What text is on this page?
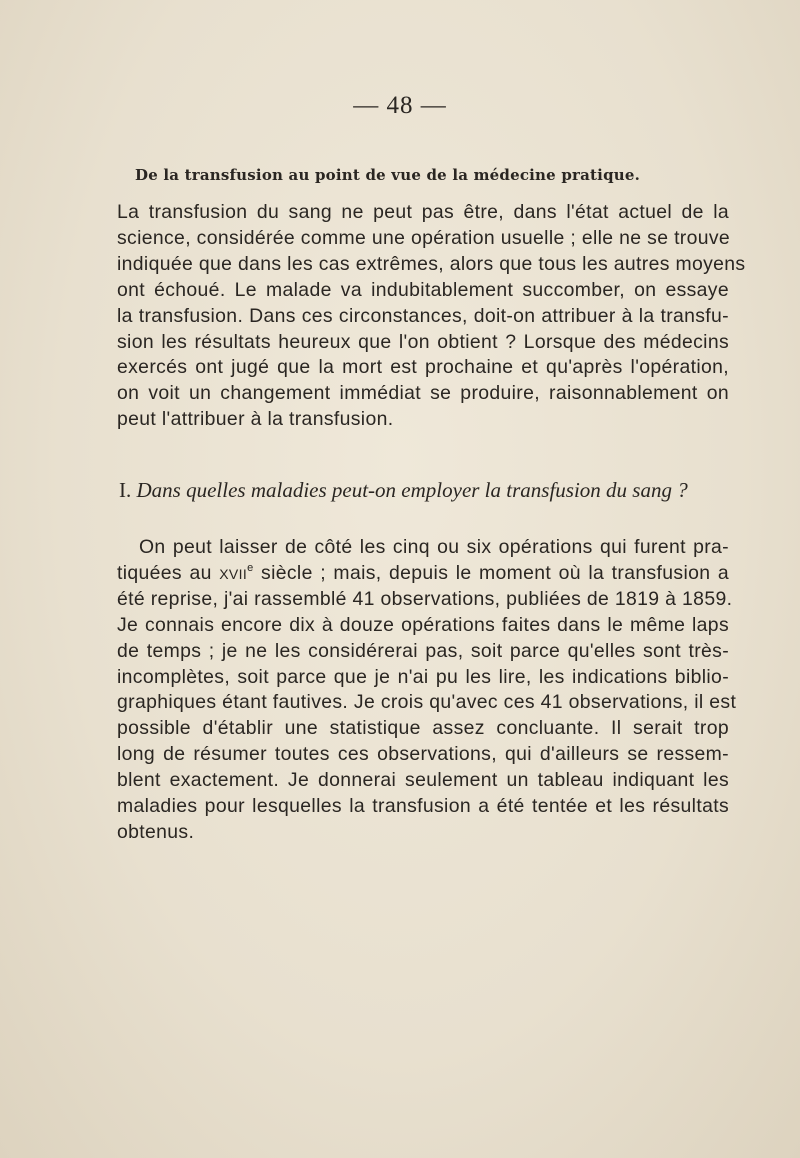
— 48 —
De la transfusion au point de vue de la médecine pratique.
La transfusion du sang ne peut pas être, dans l'état actuel de la
science, considérée comme une opération usuelle ; elle ne se trouve
indiquée que dans les cas extrêmes, alors que tous les autres moyens
ont échoué. Le malade va indubitablement succomber, on essaye
la transfusion. Dans ces circonstances, doit-on attribuer à la transfu-
sion les résultats heureux que l'on obtient ? Lorsque des médecins
exercés ont jugé que la mort est prochaine et qu'après l'opération,
on voit un changement immédiat se produire, raisonnablement on
peut l'attribuer à la transfusion.
I. Dans quelles maladies peut-on employer la transfusion du sang ?
On peut laisser de côté les cinq ou six opérations qui furent pra-
tiquées au xvii$^e$ siècle ; mais, depuis le moment où la transfusion a
été reprise, j'ai rassemblé 41 observations, publiées de 1819 à 1859.
Je connais encore dix à douze opérations faites dans le même laps
de temps ; je ne les considérerai pas, soit parce qu'elles sont très-
incomplètes, soit parce que je n'ai pu les lire, les indications biblio-
graphiques étant fautives. Je crois qu'avec ces 41 observations, il est
possible d'établir une statistique assez concluante. Il serait trop
long de résumer toutes ces observations, qui d'ailleurs se ressem-
blent exactement. Je donnerai seulement un tableau indiquant les
maladies pour lesquelles la transfusion a été tentée et les résultats
obtenus.
